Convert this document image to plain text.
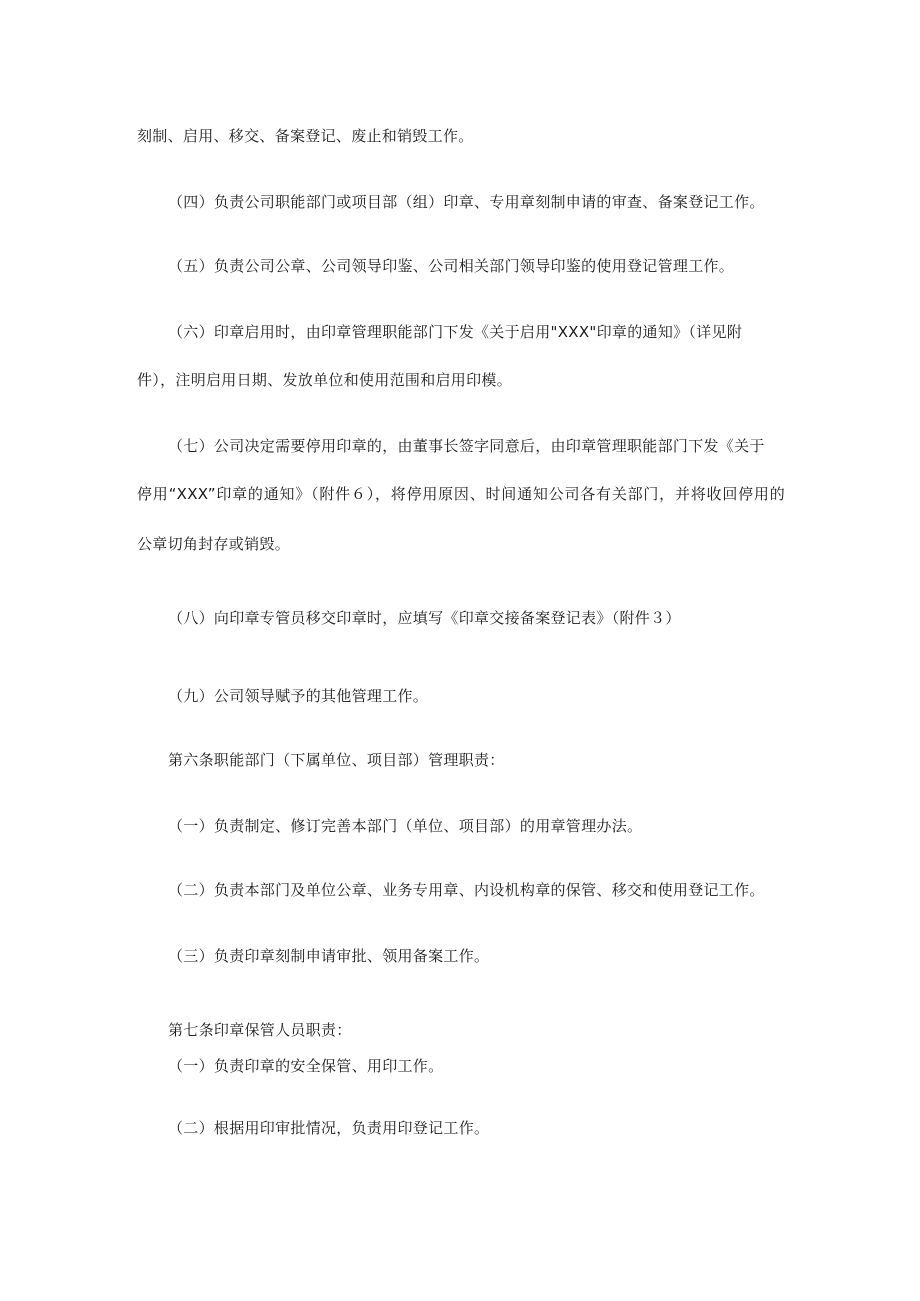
刻制、启用、移交、备案登记、废止和销毁工作。

（四）负责公司职能部门或项目部（组）印章、专用章刻制申请的审查、备案登记工作。

（五）负责公司公章、公司领导印鉴、公司相关部门领导印鉴的使用登记管理工作。

（六）印章启用时，由印章管理职能部门下发《关于启用"XXX"印章的通知》（详见附

件），注明启用日期、发放单位和使用范围和启用印模。

（七）公司决定需要停用印章的，由董事长签字同意后，由印章管理职能部门下发《关于

停用“XXX”印章的通知》（附件６），将停用原因、时间通知公司各有关部门，并将收回停用的

公章切角封存或销毁。

（八）向印章专管员移交印章时，应填写《印章交接备案登记表》（附件３）

（九）公司领导赋予的其他管理工作。

第六条职能部门（下属单位、项目部）管理职责：

（一）负责制定、修订完善本部门（单位、项目部）的用章管理办法。

（二）负责本部门及单位公章、业务专用章、内设机构章的保管、移交和使用登记工作。

（三）负责印章刻制申请审批、领用备案工作。

第七条印章保管人员职责：

（一）负责印章的安全保管、用印工作。

（二）根据用印审批情况，负责用印登记工作。
